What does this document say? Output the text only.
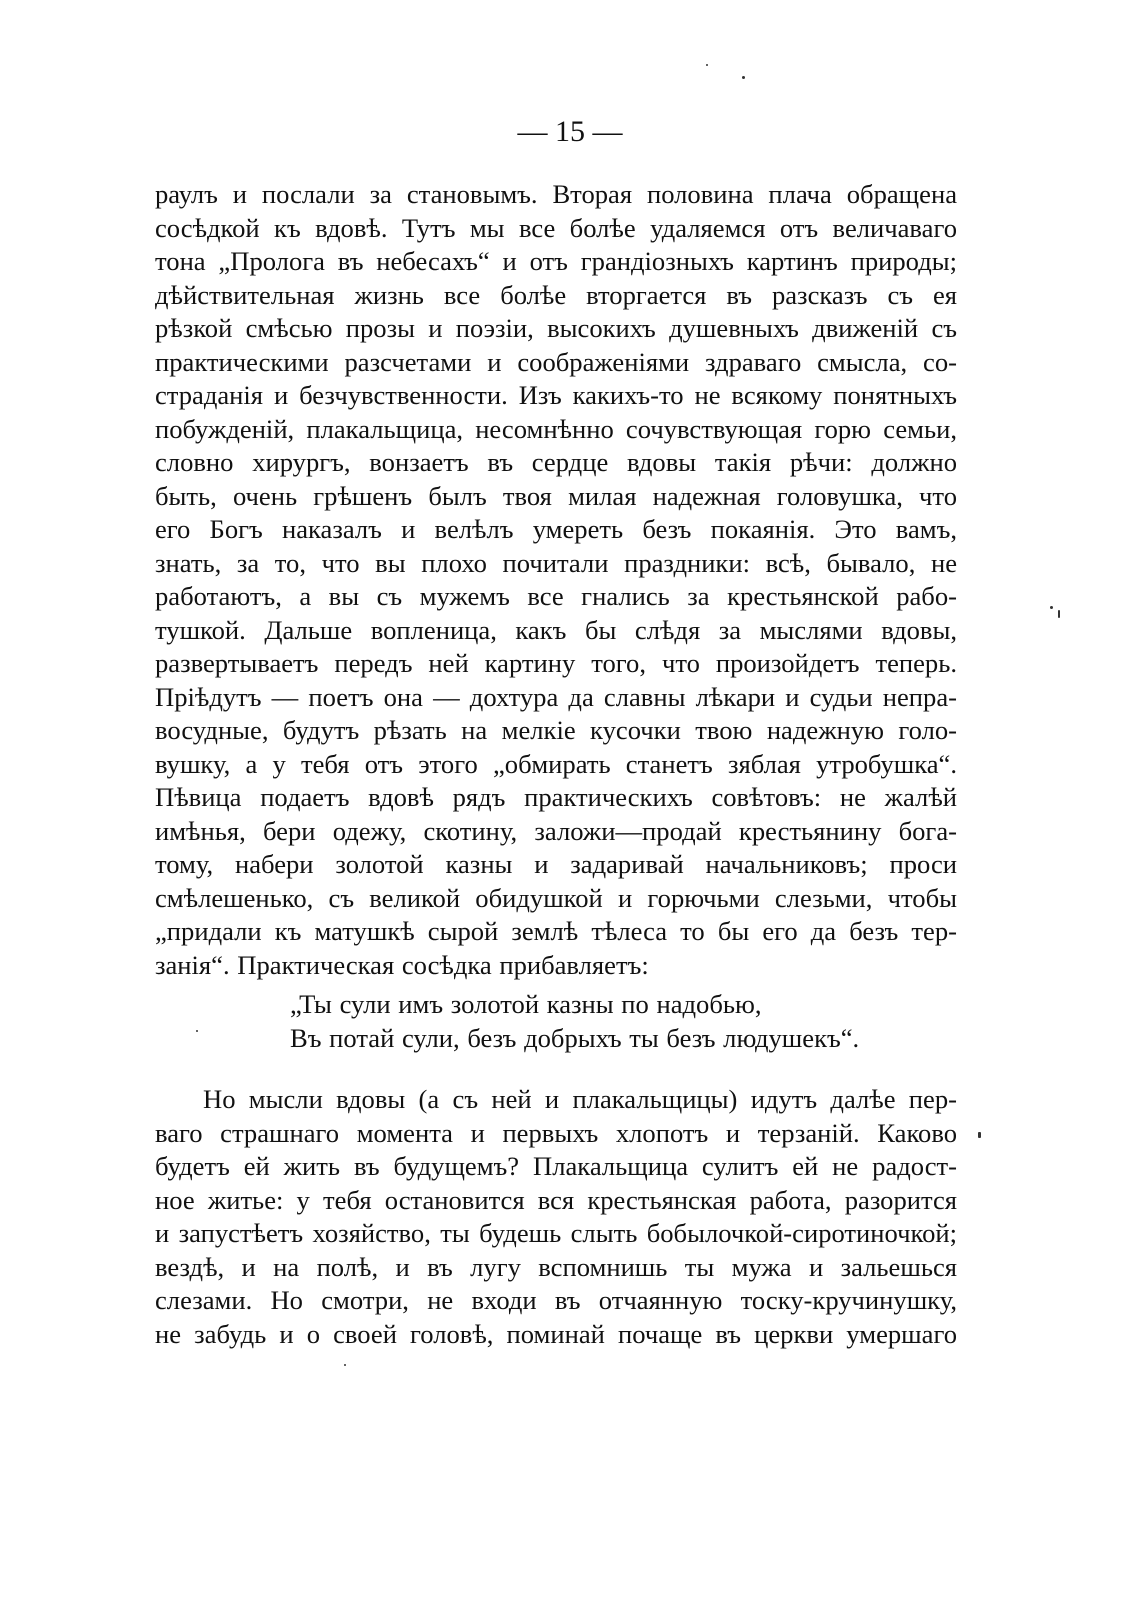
— 15 —
раулъ и послали за становымъ. Вторая половина плача обращена
сосѣдкой къ вдовѣ. Тутъ мы все болѣе удаляемся отъ величаваго
тона „Пролога въ небесахъ“ и отъ грандіозныхъ картинъ природы;
дѣйствительная жизнь все болѣе вторгается въ разсказъ съ ея
рѣзкой смѣсью прозы и поэзіи, высокихъ душевныхъ движеній съ
практическими разсчетами и соображеніями здраваго смысла, со-
страданія и безчувственности. Изъ какихъ-то не всякому понятныхъ
побужденій, плакальщица, несомнѣнно сочувствующая горю семьи,
словно хирургъ, вонзаетъ въ сердце вдовы такія рѣчи: должно
быть, очень грѣшенъ былъ твоя милая надежная головушка, что
его Богъ наказалъ и велѣлъ умереть безъ покаянія. Это вамъ,
знать, за то, что вы плохо почитали праздники: всѣ, бывало, не
работаютъ, а вы съ мужемъ все гнались за крестьянской рабо-
тушкой. Дальше вопленица, какъ бы слѣдя за мыслями вдовы,
развертываетъ передъ ней картину того, что произойдетъ теперь.
Пріѣдутъ — поетъ она — дохтура да славны лѣкари и судьи непра-
восудные, будутъ рѣзать на мелкіе кусочки твою надежную голо-
вушку, а у тебя отъ этого „обмирать станетъ зяблая утробушка“.
Пѣвица подаетъ вдовѣ рядъ практическихъ совѣтовъ: не жалѣй
имѣнья, бери одежу, скотину, заложи—продай крестьянину бога-
тому, набери золотой казны и задаривай начальниковъ; проси
смѣлешенько, съ великой обидушкой и горючьми слезьми, чтобы
„придали къ матушкѣ сырой землѣ тѣлеса то бы его да безъ тер-
занія“. Практическая сосѣдка прибавляетъ:
„Ты сули имъ золотой казны по надобью,
Въ потай сули, безъ добрыхъ ты безъ людушекъ“.
Но мысли вдовы (а съ ней и плакальщицы) идутъ далѣе пер-
ваго страшнаго момента и первыхъ хлопотъ и терзаній. Каково
будетъ ей жить въ будущемъ? Плакальщица сулитъ ей не радост-
ное житье: у тебя остановится вся крестьянская работа, разорится
и запустѣетъ хозяйство, ты будешь слыть бобылочкой-сиротиночкой;
вездѣ, и на полѣ, и въ лугу вспомнишь ты мужа и зальешься
слезами. Но смотри, не входи въ отчаянную тоску-кручинушку,
не забудь и о своей головѣ, поминай почаще въ церкви умершаго
